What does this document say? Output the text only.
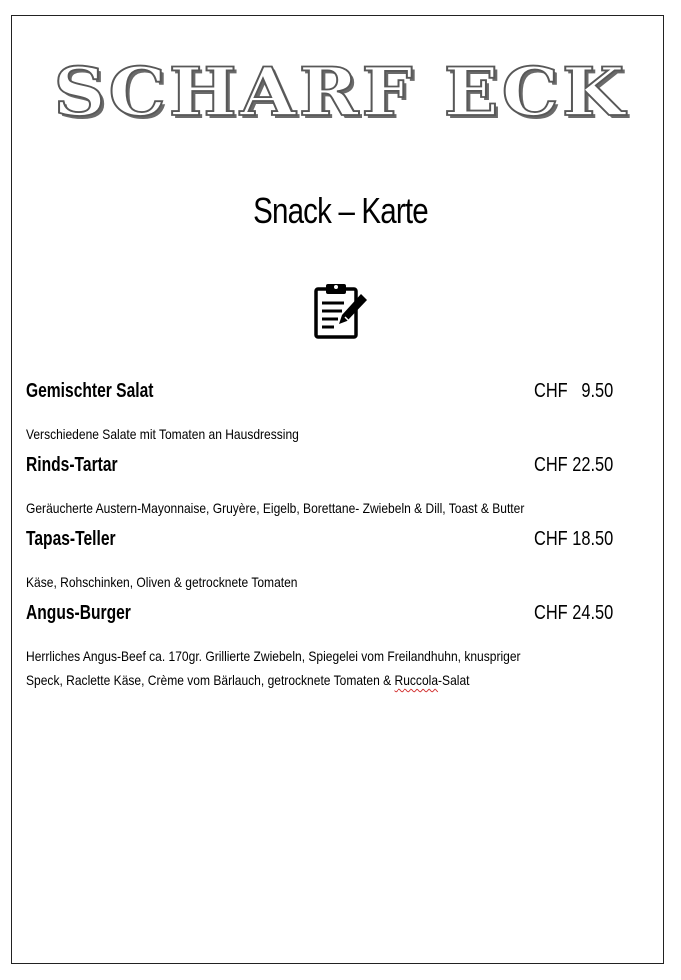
SCHARF ECK
Snack – Karte
Gemischter Salat	CHF   9.50
Verschiedene Salate mit Tomaten an Hausdressing
Rinds-Tartar	CHF 22.50
Geräucherte Austern-Mayonnaise, Gruyère, Eigelb, Borettane- Zwiebeln & Dill, Toast & Butter
Tapas-Teller	CHF 18.50
Käse, Rohschinken, Oliven & getrocknete Tomaten
Angus-Burger	CHF 24.50
Herrliches Angus-Beef ca. 170gr. Grillierte Zwiebeln, Spiegelei vom Freilandhuhn, knuspriger
Speck, Raclette Käse, Crème vom Bärlauch, getrocknete Tomaten & Ruccola-Salat
